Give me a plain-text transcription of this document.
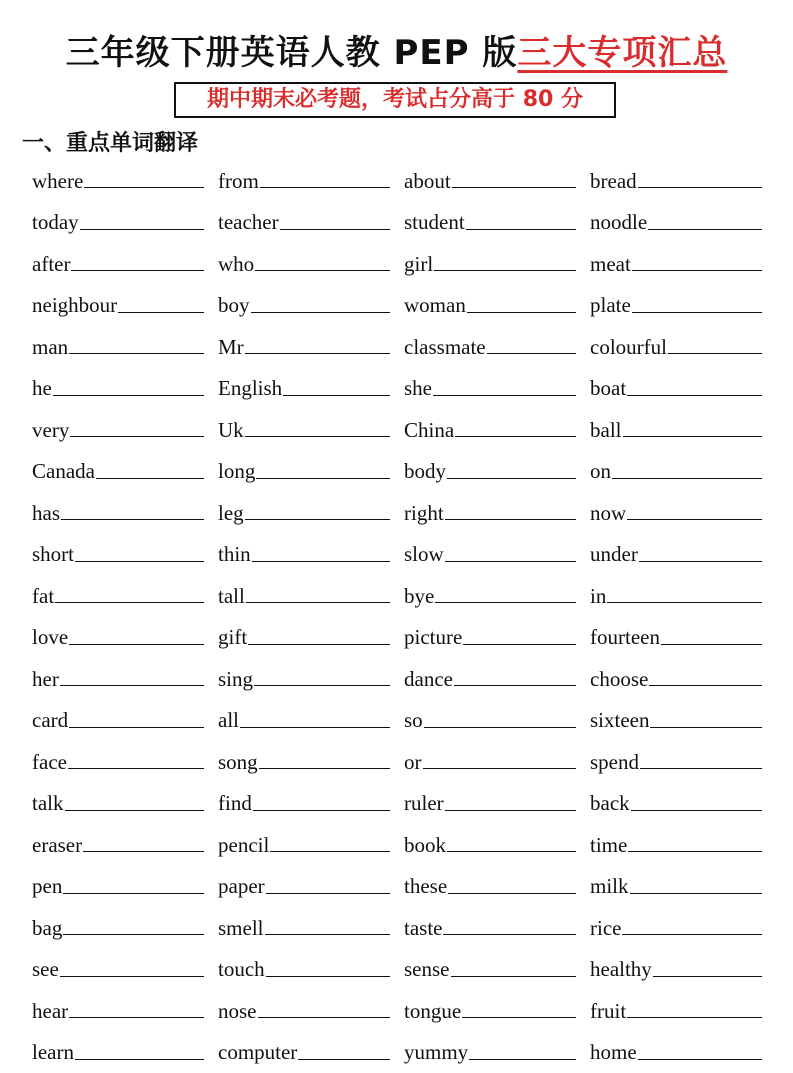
三年级下册英语人教 PEP 版三大专项汇总
期中期末必考题，考试占分高于 80 分
一、重点单词翻译
where	from	about	bread
today	teacher	student	noodle
after	who	girl	meat
neighbour	boy	woman	plate
man	Mr	classmate	colourful
he	English	she	boat
very	Uk	China	ball
Canada	long	body	on
has	leg	right	now
short	thin	slow	under
fat	tall	bye	in
love	gift	picture	fourteen
her	sing	dance	choose
card	all	so	sixteen
face	song	or	spend
talk	find	ruler	back
eraser	pencil	book	time
pen	paper	these	milk
bag	smell	taste	rice
see	touch	sense	healthy
hear	nose	tongue	fruit
learn	computer	yummy	home
